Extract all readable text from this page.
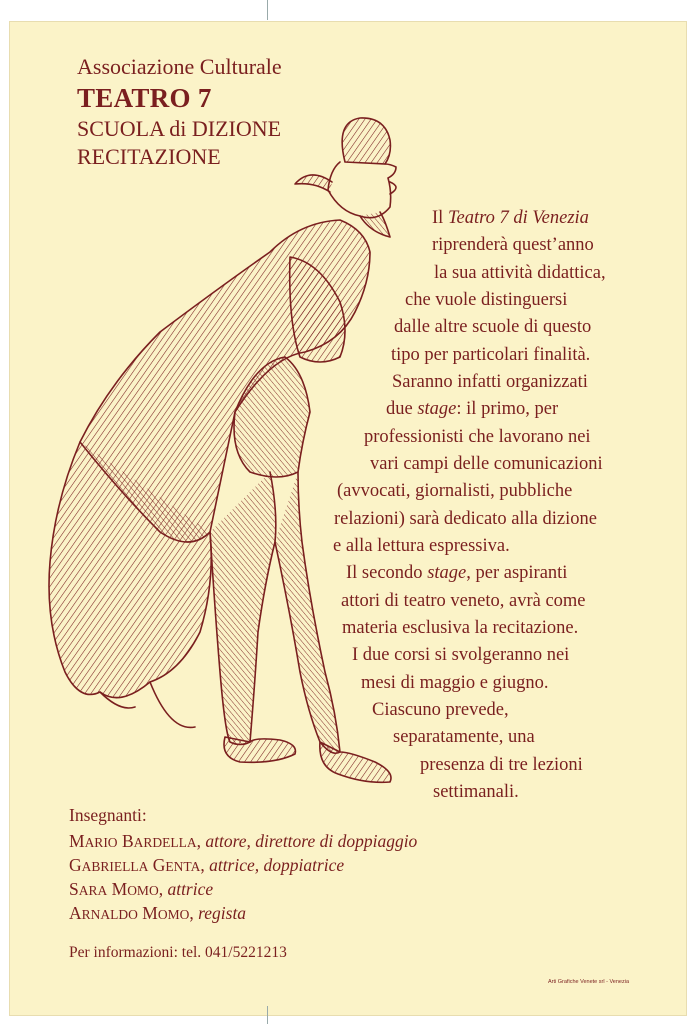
Associazione Culturale
TEATRO 7
SCUOLA di DIZIONE
RECITAZIONE
Il Teatro 7 di Venezia
riprenderà quest’anno
la sua attività didattica,
che vuole distinguersi
dalle altre scuole di questo
tipo per particolari finalità.
Saranno infatti organizzati
due stage: il primo, per
professionisti che lavorano nei
vari campi delle comunicazioni
(avvocati, giornalisti, pubbliche
relazioni) sarà dedicato alla dizione
e alla lettura espressiva.
Il secondo stage, per aspiranti
attori di teatro veneto, avrà come
materia esclusiva la recitazione.
I due corsi si svolgeranno nei
mesi di maggio e giugno.
Ciascuno prevede,
separatamente, una
presenza di tre lezioni
settimanali.
Insegnanti:
MARIO BARDELLA, attore, direttore di doppiaggio
GABRIELLA GENTA, attrice, doppiatrice
SARA MOMO, attrice
ARNALDO MOMO, regista
Per informazioni: tel. 041/5221213
Arti Grafiche Venete srl - Venezia
